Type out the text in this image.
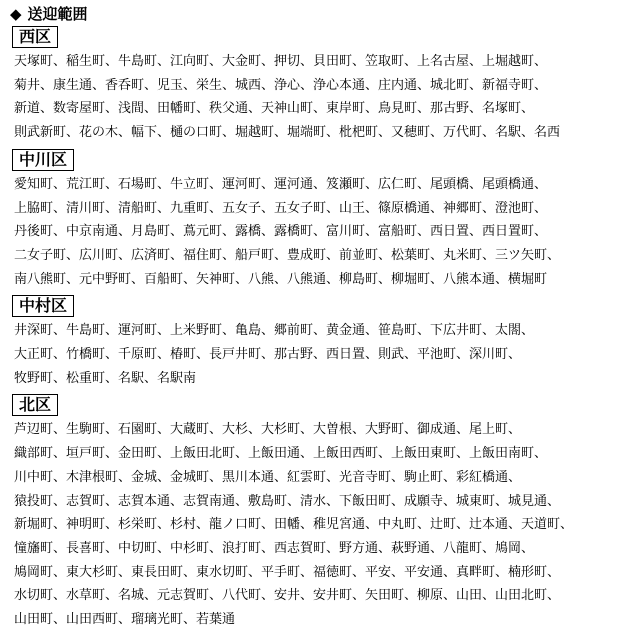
◆ 送迎範囲
西区
天塚町、稲生町、牛島町、江向町、大金町、押切、貝田町、笠取町、上名古屋、上堀越町、
菊井、康生通、香呑町、児玉、栄生、城西、浄心、浄心本通、庄内通、城北町、新福寺町、
新道、数寄屋町、浅間、田幡町、秩父通、天神山町、東岸町、鳥見町、那古野、名塚町、
則武新町、花の木、幅下、樋の口町、堀越町、堀端町、枇杷町、又穂町、万代町、名駅、名西
中川区
愛知町、荒江町、石場町、牛立町、運河町、運河通、笈瀬町、広仁町、尾頭橋、尾頭橋通、
上脇町、清川町、清船町、九重町、五女子、五女子町、山王、篠原橋通、神郷町、澄池町、
丹後町、中京南通、月島町、蔦元町、露橋、露橋町、富川町、富船町、西日置、西日置町、
二女子町、広川町、広済町、福住町、船戸町、豊成町、前並町、松葉町、丸米町、三ツ矢町、
南八熊町、元中野町、百船町、矢神町、八熊、八熊通、柳島町、柳堀町、八熊本通、横堀町
中村区
井深町、牛島町、運河町、上米野町、亀島、郷前町、黄金通、笹島町、下広井町、太閤、
大正町、竹橋町、千原町、椿町、長戸井町、那古野、西日置、則武、平池町、深川町、
牧野町、松重町、名駅、名駅南
北区
芦辺町、生駒町、石園町、大蔵町、大杉、大杉町、大曽根、大野町、御成通、尾上町、
織部町、垣戸町、金田町、上飯田北町、上飯田通、上飯田西町、上飯田東町、上飯田南町、
川中町、木津根町、金城、金城町、黒川本通、紅雲町、光音寺町、駒止町、彩紅橋通、
猿投町、志賀町、志賀本通、志賀南通、敷島町、清水、下飯田町、成願寺、城東町、城見通、
新堀町、神明町、杉栄町、杉村、龍ノ口町、田幡、稚児宮通、中丸町、辻町、辻本通、天道町、
憧旛町、長喜町、中切町、中杉町、浪打町、西志賀町、野方通、萩野通、八龍町、鳩岡、
鳩岡町、東大杉町、東長田町、東水切町、平手町、福徳町、平安、平安通、真畔町、楠形町、
水切町、水草町、名城、元志賀町、八代町、安井、安井町、矢田町、柳原、山田、山田北町、
山田町、山田西町、瑠璃光町、若葉通
